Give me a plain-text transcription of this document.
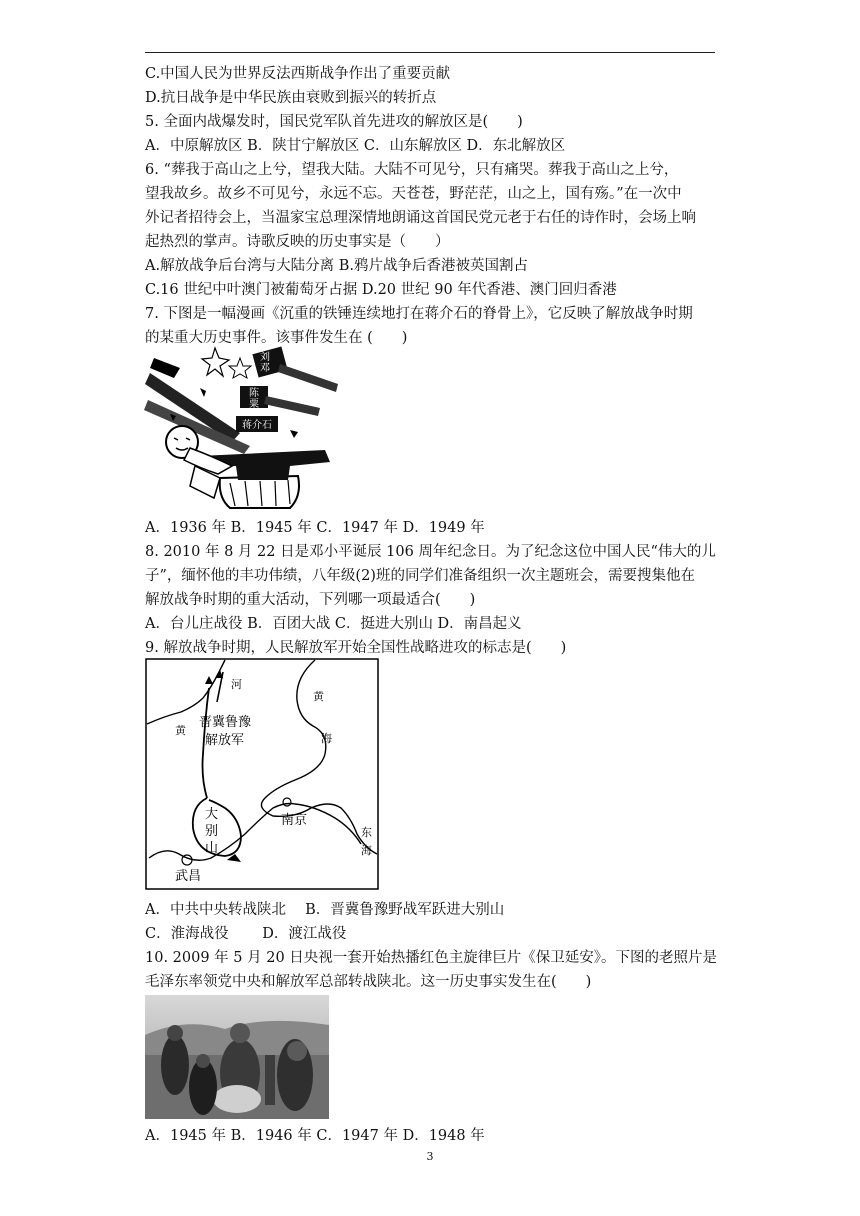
C.中国人民为世界反法西斯战争作出了重要贡献
D.抗日战争是中华民族由衰败到振兴的转折点
5. 全面内战爆发时，国民党军队首先进攻的解放区是(　　)
A．中原解放区 B．陕甘宁解放区 C．山东解放区 D．东北解放区
6. “葬我于高山之上兮，望我大陆。大陆不可见兮，只有痛哭。葬我于高山之上兮，
望我故乡。故乡不可见兮，永远不忘。天苍苍，野茫茫，山之上，国有殇。”在一次中
外记者招待会上，当温家宝总理深情地朗诵这首国民党元老于右任的诗作时，会场上响
起热烈的掌声。诗歌反映的历史事实是（　　）
A.解放战争后台湾与大陆分离 B.鸦片战争后香港被英国割占
C.16 世纪中叶澳门被葡萄牙占据 D.20 世纪 90 年代香港、澳门回归香港
7. 下图是一幅漫画《沉重的铁锤连续地打在蒋介石的脊骨上》，它反映了解放战争时期
的某重大历史事件。该事件发生在 (　　)
刘
邓
陈
粟
蒋介石
A．1936 年 B．1945 年 C．1947 年 D．1949 年
8. 2010 年 8 月 22 日是邓小平诞辰 106 周年纪念日。为了纪念这位中国人民“伟大的儿
子”，缅怀他的丰功伟绩，八年级(2)班的同学们准备组织一次主题班会，需要搜集他在
解放战争时期的重大活动，下列哪一项最适合(　　)
A．台儿庄战役 B．百团大战 C．挺进大别山 D．南昌起义
9. 解放战争时期，人民解放军开始全国性战略进攻的标志是(　　)
河
黄
黄
海
晋冀鲁豫
解放军
大
别
山
南京
东
海
武昌
A．中共中央转战陕北　 B．晋冀鲁豫野战军跃进大别山
C．淮海战役　　 D．渡江战役
10. 2009 年 5 月 20 日央视一套开始热播红色主旋律巨片《保卫延安》。下图的老照片是
毛泽东率领党中央和解放军总部转战陕北。这一历史事实发生在(　　)
A．1945 年 B．1946 年 C．1947 年 D．1948 年
3
